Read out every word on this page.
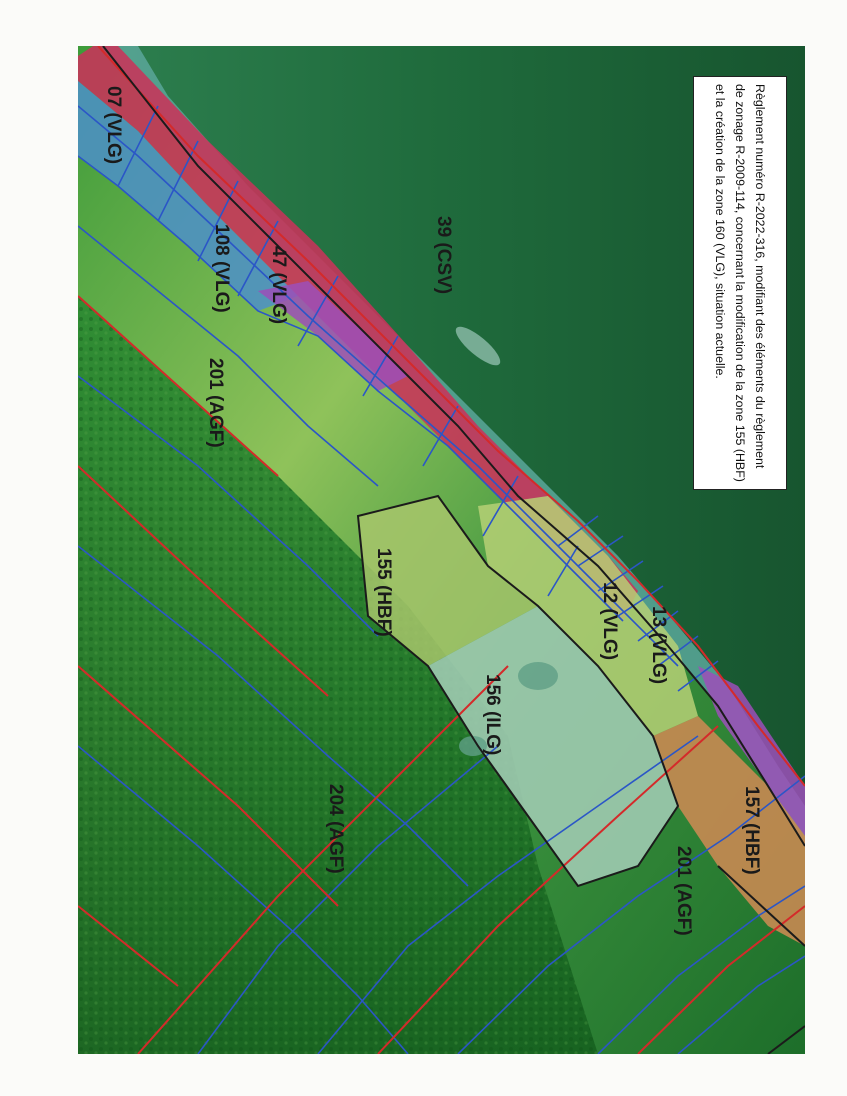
39 (CSV)
07 (VLG)
108 (VLG) 47 (VLG)
201 (AGF)
155 (HBF)
13 (VLG)
12 (VLG)
156 (ILG)
157 (HBF)
201 (AGF)
204 (AGF)

Règlement numéro R-2022-316, modifiant des éléments du règlement de zonage R-2009-114, concernant la modification de la zone 155 (HBF) et la création de la zone 160 (VLG), situation actuelle.
